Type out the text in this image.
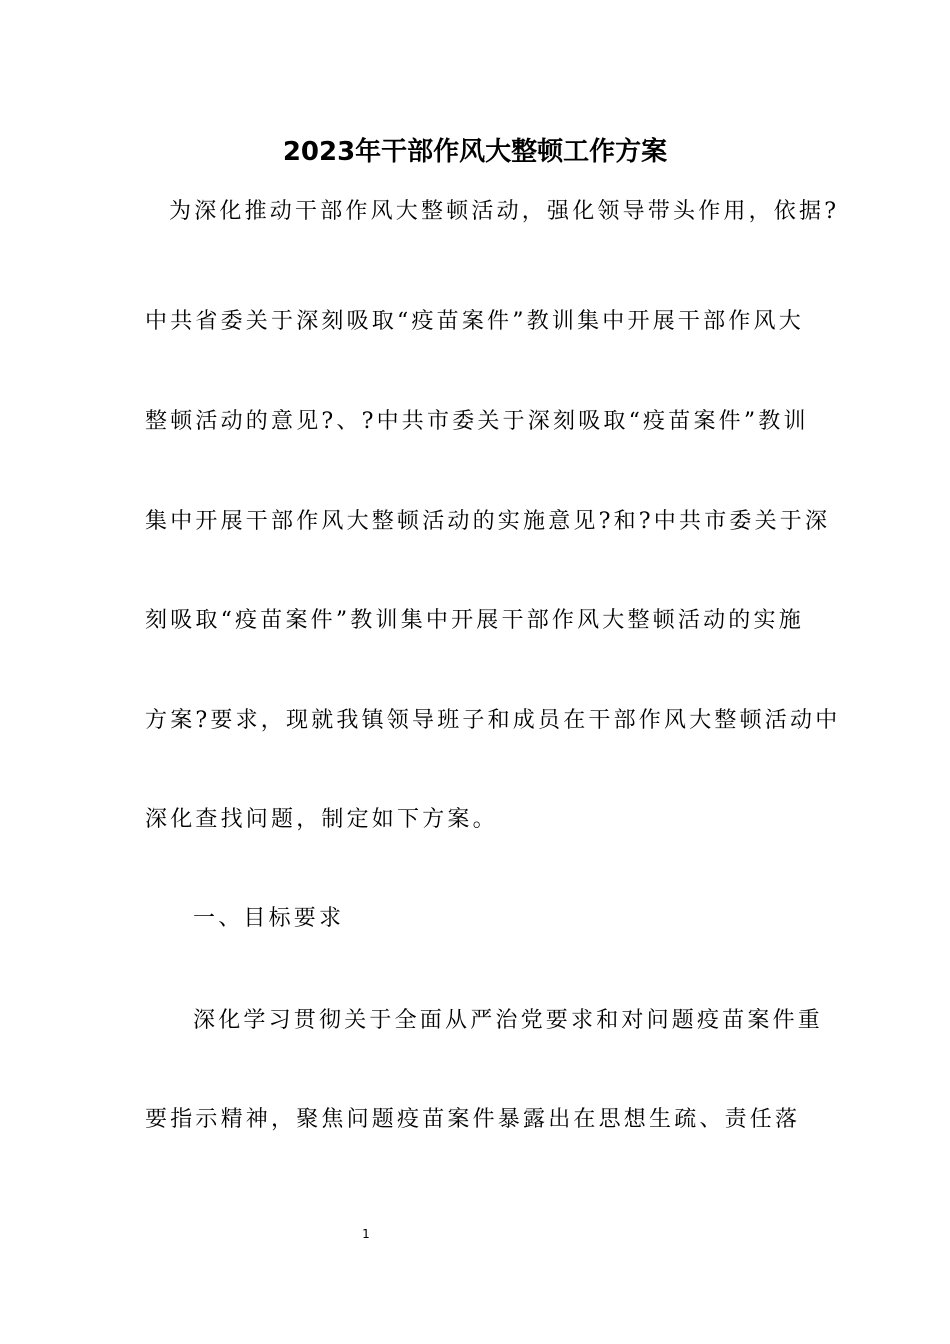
2023年干部作风大整顿工作方案
为深化推动干部作风大整顿活动，强化领导带头作用，依据?
中共省委关于深刻吸取“疫苗案件”教训集中开展干部作风大
整顿活动的意见?、?中共市委关于深刻吸取“疫苗案件”教训
集中开展干部作风大整顿活动的实施意见?和?中共市委关于深
刻吸取“疫苗案件”教训集中开展干部作风大整顿活动的实施
方案?要求，现就我镇领导班子和成员在干部作风大整顿活动中
深化查找问题，制定如下方案。
一、目标要求
深化学习贯彻关于全面从严治党要求和对问题疫苗案件重
要指示精神，聚焦问题疫苗案件暴露出在思想生疏、责任落
1
